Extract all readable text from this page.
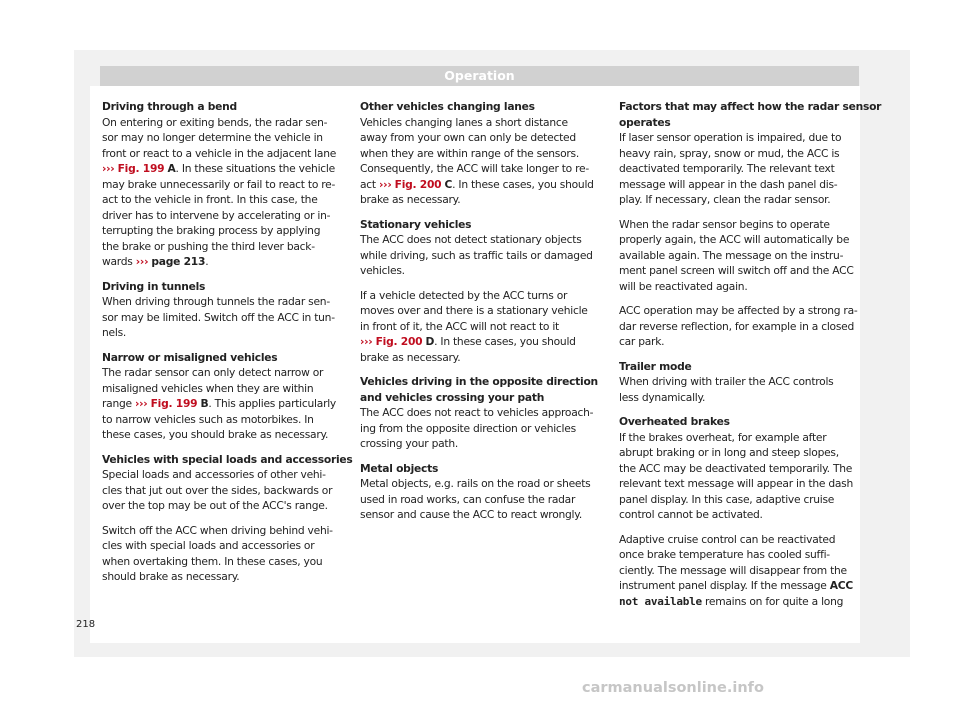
Operation
Driving through a bend
On entering or exiting bends, the radar sen-
sor may no longer determine the vehicle in
front or react to a vehicle in the adjacent lane
››› Fig. 199 A. In these situations the vehicle
may brake unnecessarily or fail to react to re-
act to the vehicle in front. In this case, the
driver has to intervene by accelerating or in-
terrupting the braking process by applying
the brake or pushing the third lever back-
wards ››› page 213.
Driving in tunnels
When driving through tunnels the radar sen-
sor may be limited. Switch off the ACC in tun-
nels.
Narrow or misaligned vehicles
The radar sensor can only detect narrow or
misaligned vehicles when they are within
range ››› Fig. 199 B. This applies particularly
to narrow vehicles such as motorbikes. In
these cases, you should brake as necessary.
Vehicles with special loads and accessories
Special loads and accessories of other vehi-
cles that jut out over the sides, backwards or
over the top may be out of the ACC's range.
Switch off the ACC when driving behind vehi-
cles with special loads and accessories or
when overtaking them. In these cases, you
should brake as necessary.
Other vehicles changing lanes
Vehicles changing lanes a short distance
away from your own can only be detected
when they are within range of the sensors.
Consequently, the ACC will take longer to re-
act ››› Fig. 200 C. In these cases, you should
brake as necessary.
Stationary vehicles
The ACC does not detect stationary objects
while driving, such as traffic tails or damaged
vehicles.
If a vehicle detected by the ACC turns or
moves over and there is a stationary vehicle
in front of it, the ACC will not react to it
››› Fig. 200 D. In these cases, you should
brake as necessary.
Vehicles driving in the opposite direction
and vehicles crossing your path
The ACC does not react to vehicles approach-
ing from the opposite direction or vehicles
crossing your path.
Metal objects
Metal objects, e.g. rails on the road or sheets
used in road works, can confuse the radar
sensor and cause the ACC to react wrongly.
Factors that may affect how the radar sensor
operates
If laser sensor operation is impaired, due to
heavy rain, spray, snow or mud, the ACC is
deactivated temporarily. The relevant text
message will appear in the dash panel dis-
play. If necessary, clean the radar sensor.
When the radar sensor begins to operate
properly again, the ACC will automatically be
available again. The message on the instru-
ment panel screen will switch off and the ACC
will be reactivated again.
ACC operation may be affected by a strong ra-
dar reverse reflection, for example in a closed
car park.
Trailer mode
When driving with trailer the ACC controls
less dynamically.
Overheated brakes
If the brakes overheat, for example after
abrupt braking or in long and steep slopes,
the ACC may be deactivated temporarily. The
relevant text message will appear in the dash
panel display. In this case, adaptive cruise
control cannot be activated.
Adaptive cruise control can be reactivated
once brake temperature has cooled suffi-
ciently. The message will disappear from the
instrument panel display. If the message ACC
not available remains on for quite a long
218
carmanualsonline.info
